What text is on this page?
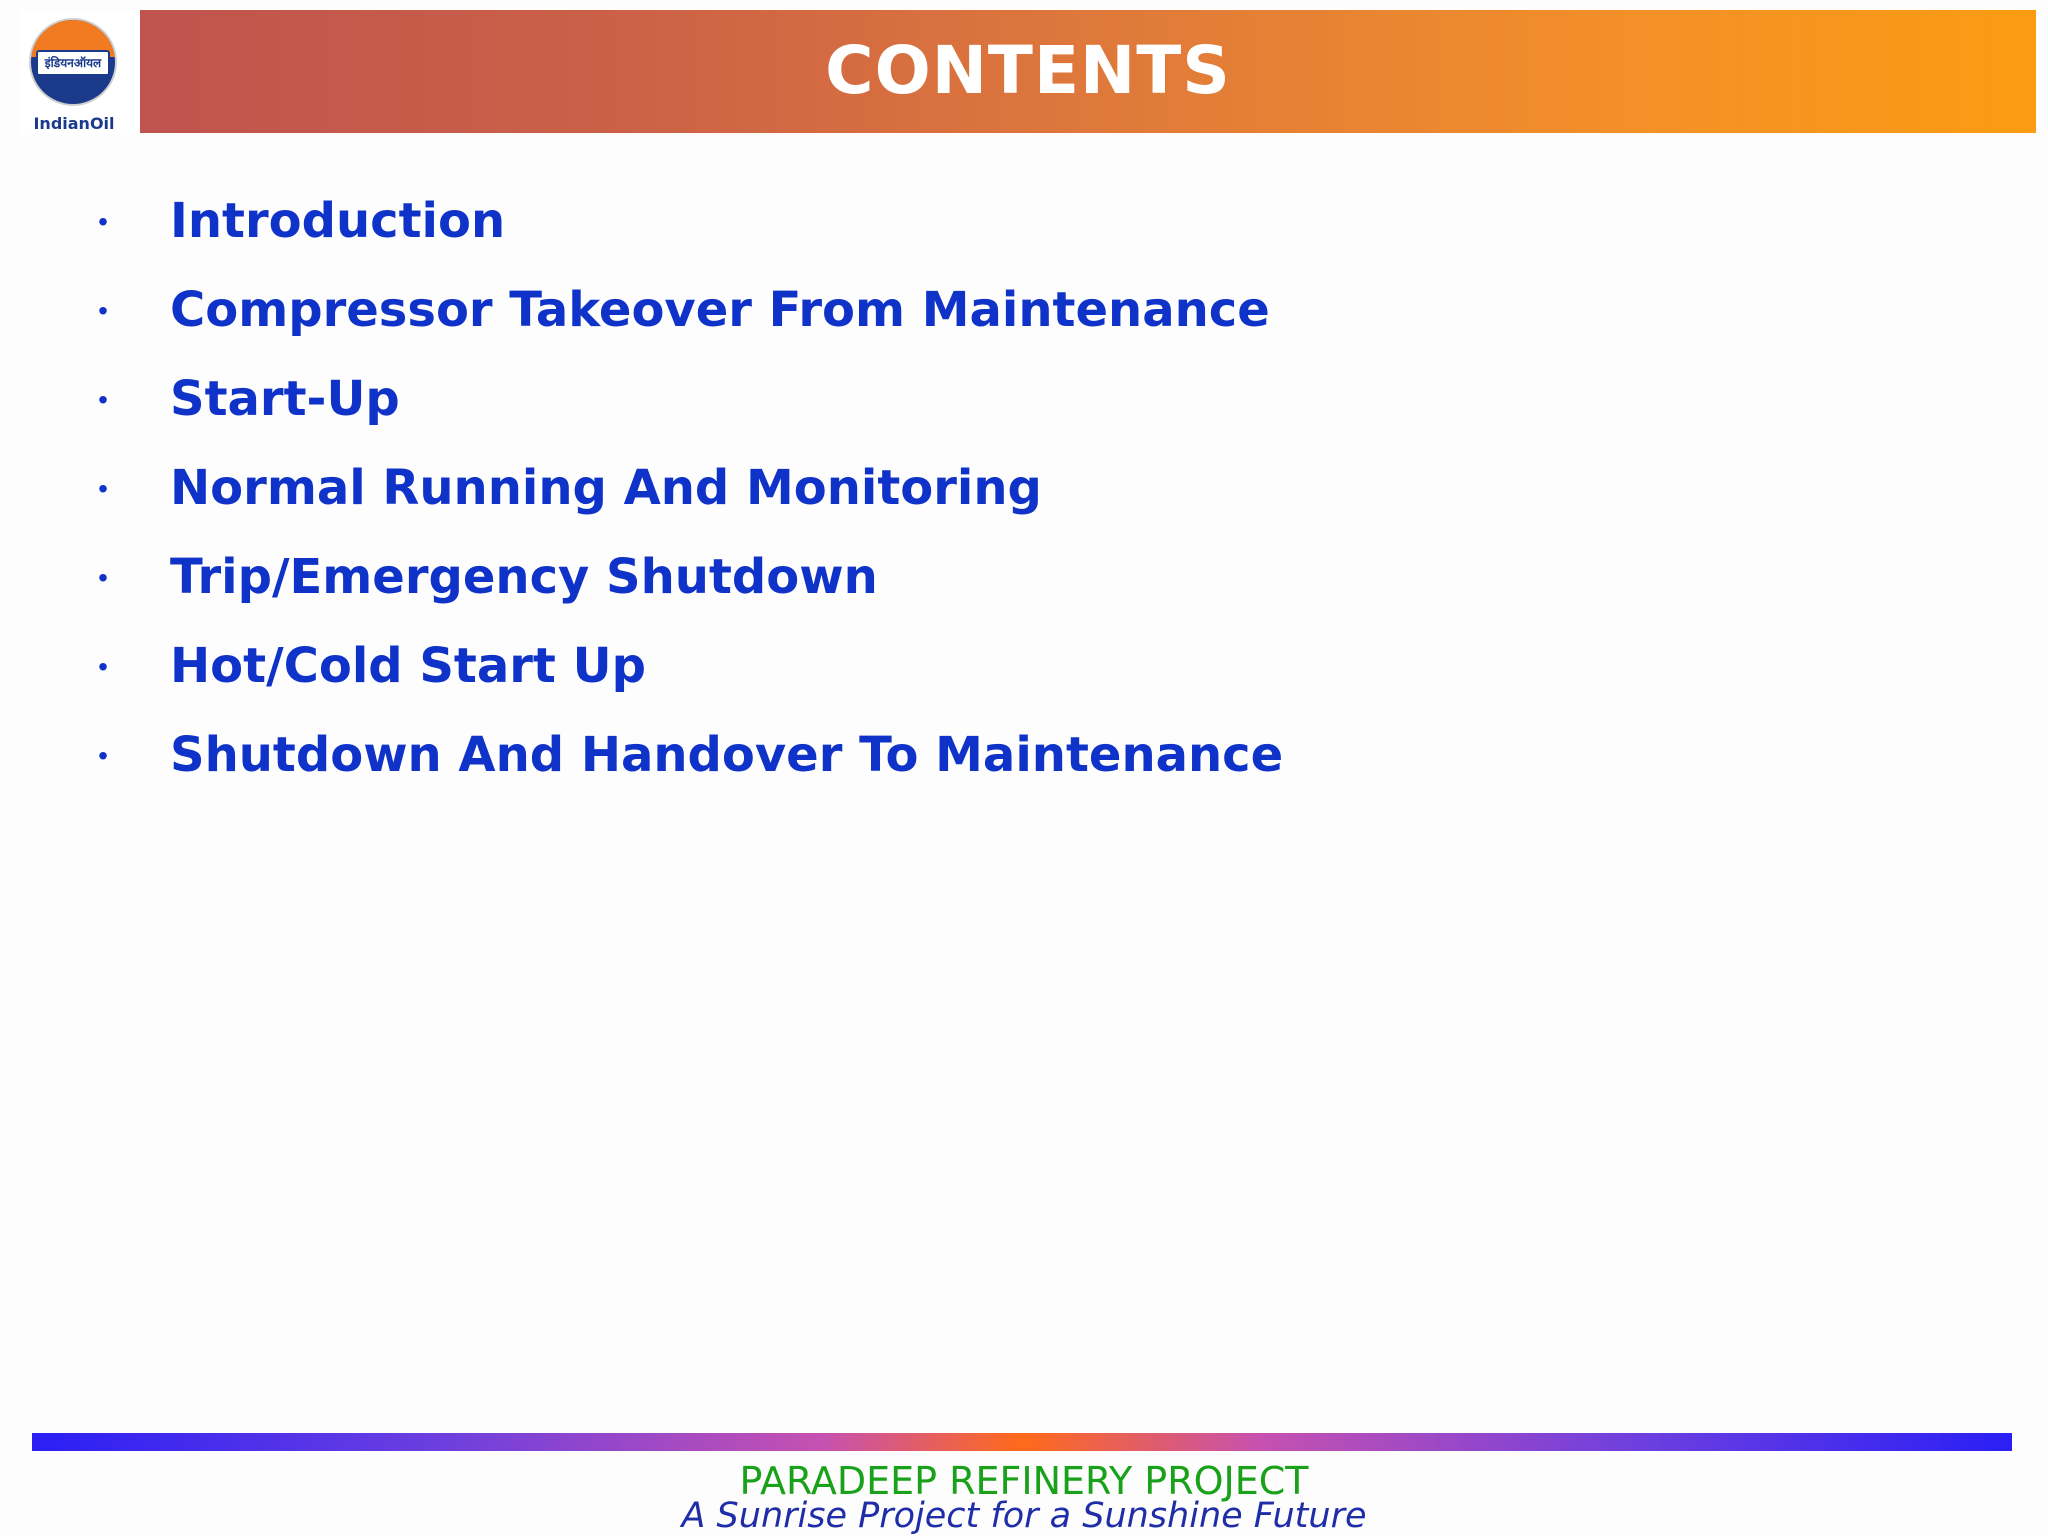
CONTENTS
इंडियनऑयल
IndianOil
• Introduction
• Compressor Takeover From Maintenance
• Start-Up
• Normal Running And Monitoring
• Trip/Emergency Shutdown
• Hot/Cold Start Up
• Shutdown And Handover To Maintenance
PARADEEP REFINERY PROJECT
A Sunrise Project for a Sunshine Future
